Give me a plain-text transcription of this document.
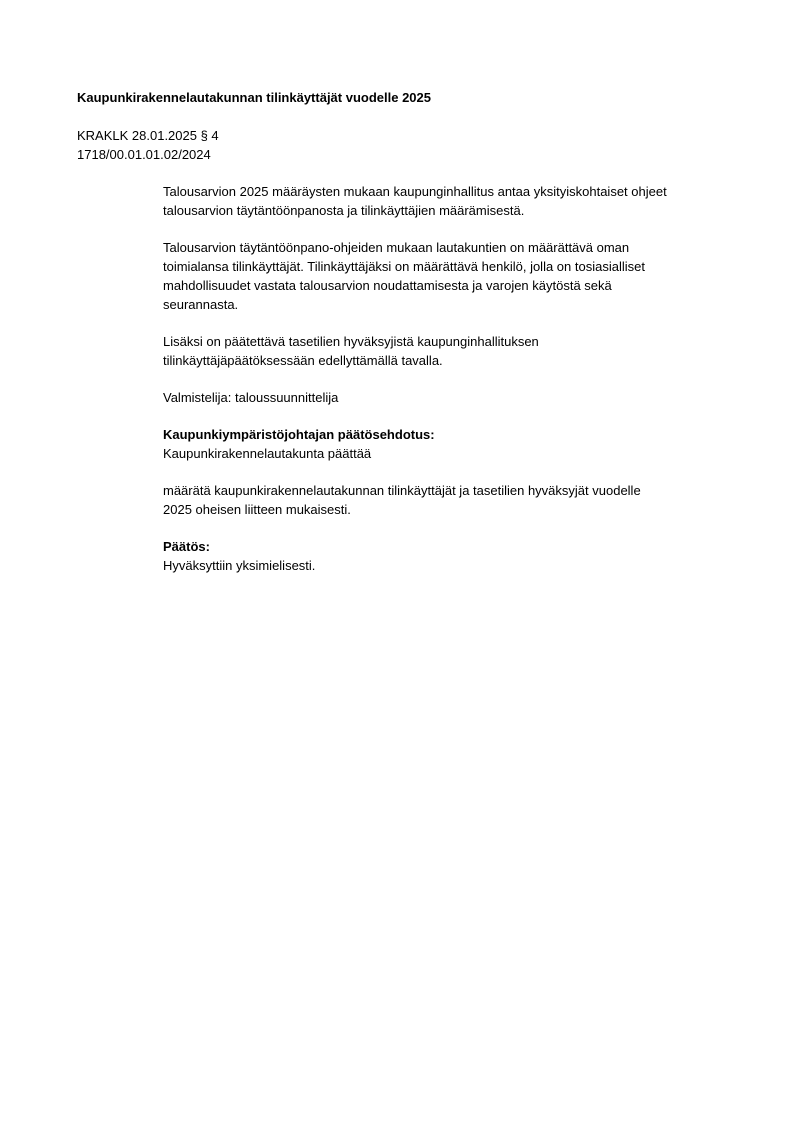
Kaupunkirakennelautakunnan tilinkäyttäjät vuodelle 2025
KRAKLK 28.01.2025 § 4
1718/00.01.01.02/2024

Talousarvion 2025 määräysten mukaan kaupunginhallitus antaa yksityiskohtaiset ohjeet
talousarvion täytäntöönpanosta ja tilinkäyttäjien määrämisestä.

Talousarvion täytäntöönpano-ohjeiden mukaan lautakuntien on määrättävä oman
toimialansa tilinkäyttäjät. Tilinkäyttäjäksi on määrättävä henkilö, jolla on tosiasialliset
mahdollisuudet vastata talousarvion noudattamisesta ja varojen käytöstä sekä
seurannasta.

Lisäksi on päätettävä tasetilien hyväksyjistä kaupunginhallituksen
tilinkäyttäjäpäätöksessään edellyttämällä tavalla.

Valmistelija: taloussuunnittelija

Kaupunkiympäristöjohtajan päätösehdotus:
Kaupunkirakennelautakunta päättää

määrätä kaupunkirakennelautakunnan tilinkäyttäjät ja tasetilien hyväksyjät vuodelle
2025 oheisen liitteen mukaisesti.

Päätös:
Hyväksyttiin yksimielisesti.
